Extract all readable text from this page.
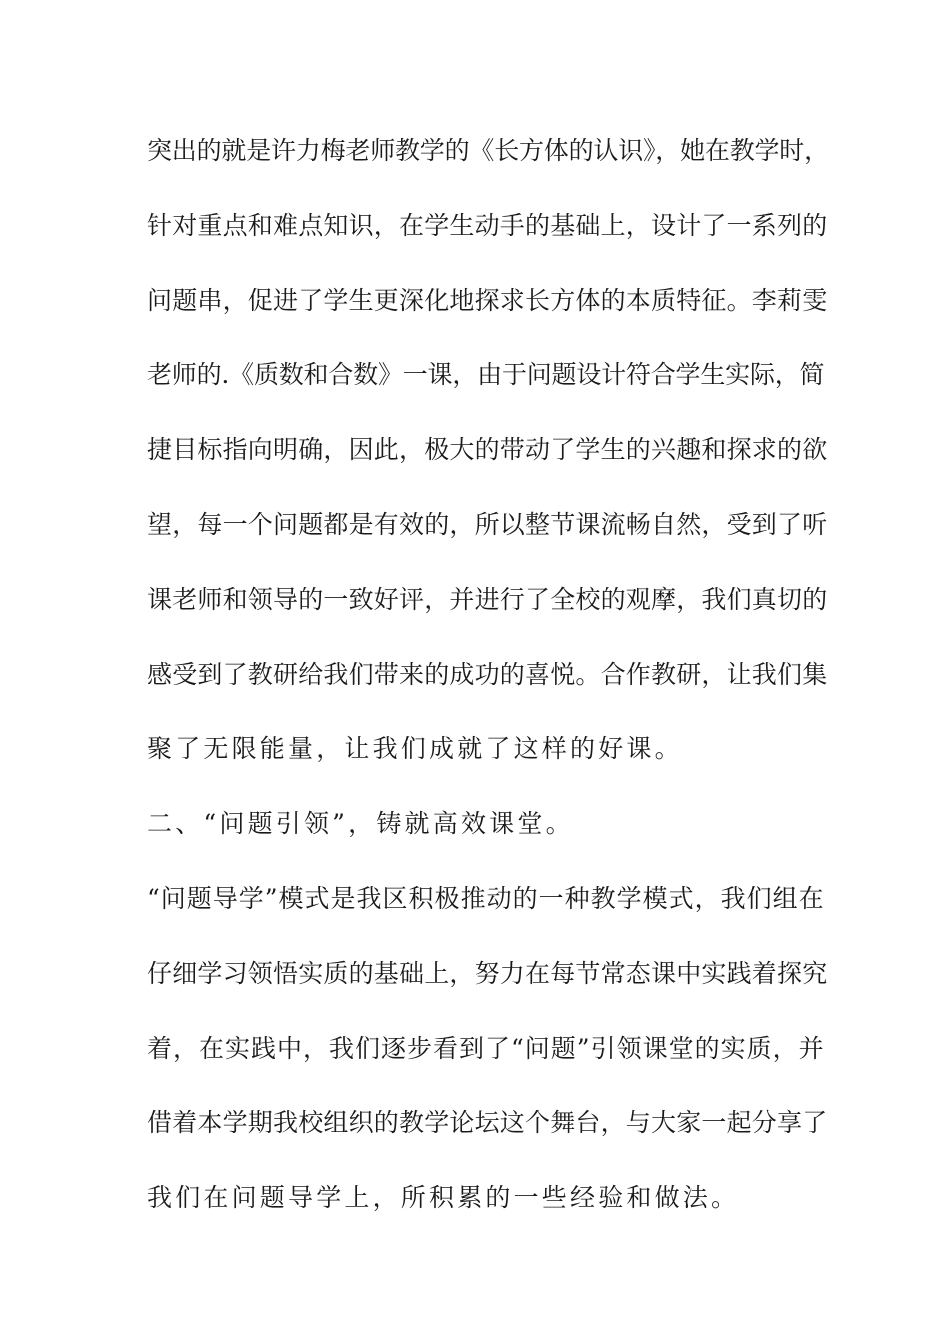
突出的就是许力梅老师教学的《长方体的认识》，她在教学时，
针对重点和难点知识，在学生动手的基础上，设计了一系列的
问题串，促进了学生更深化地探求长方体的本质特征。李莉雯
老师的.《质数和合数》一课，由于问题设计符合学生实际，简
捷目标指向明确，因此，极大的带动了学生的兴趣和探求的欲
望，每一个问题都是有效的，所以整节课流畅自然，受到了听
课老师和领导的一致好评，并进行了全校的观摩，我们真切的
感受到了教研给我们带来的成功的喜悦。合作教研，让我们集
聚了无限能量，让我们成就了这样的好课。
二、“问题引领”，铸就高效课堂。
“问题导学”模式是我区积极推动的一种教学模式，我们组在
仔细学习领悟实质的基础上，努力在每节常态课中实践着探究
着，在实践中，我们逐步看到了“问题”引领课堂的实质，并
借着本学期我校组织的教学论坛这个舞台，与大家一起分享了
我们在问题导学上，所积累的一些经验和做法。
